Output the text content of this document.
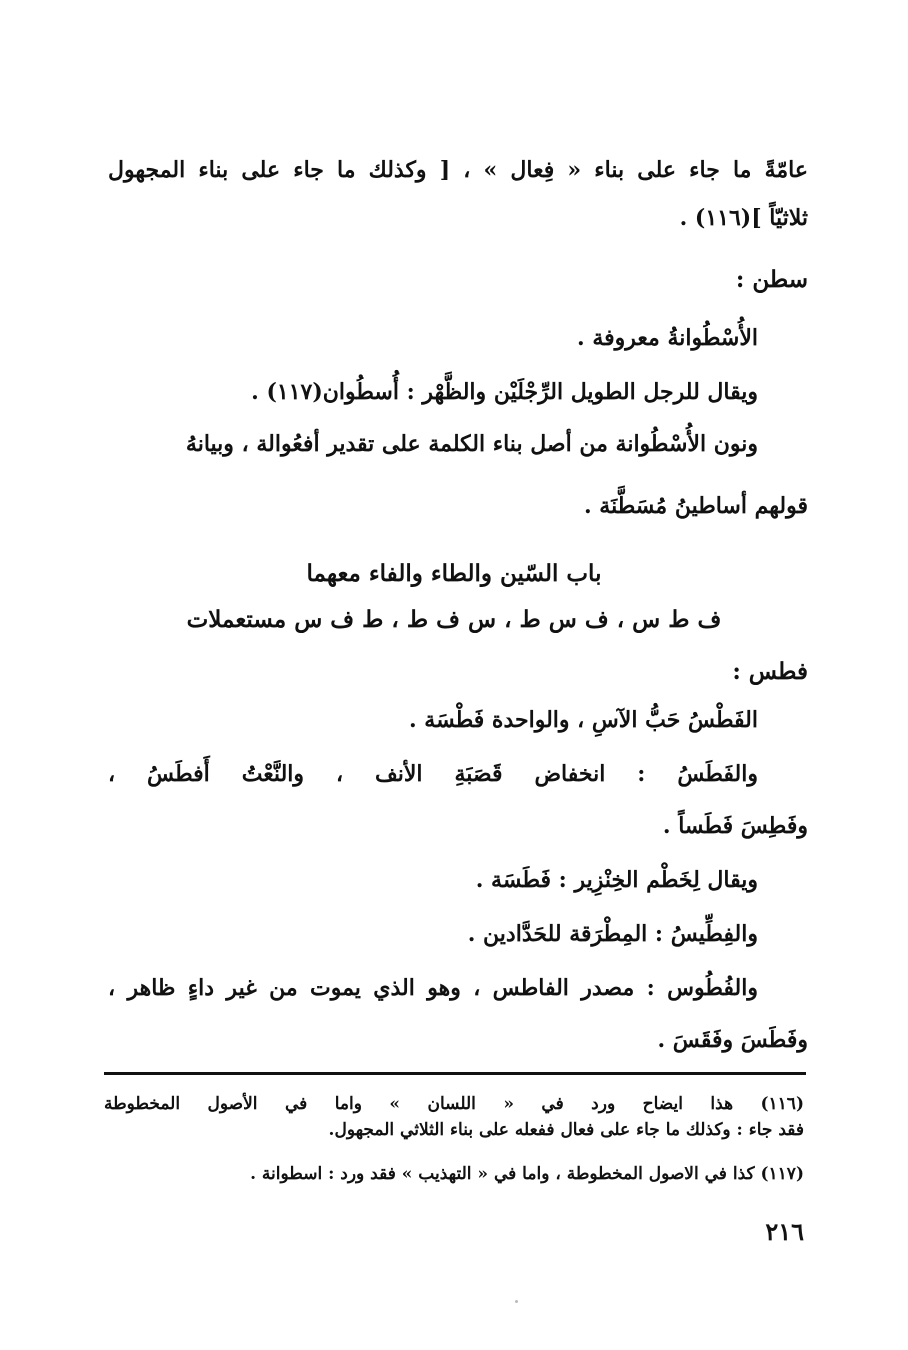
عامّةً ما جاء على بناء « فِعال » ، [ وكذلك ما جاء على بناء المجهول
ثلاثيّاً ](١١٦) .
سطن :
الأُسْطُوانةُ معروفة .
ويقال للرجل الطويل الرِّجْلَيْن والظَّهْر : أُسطُوان(١١٧) .
ونون الأُسْطُوانة من أصل بناء الكلمة على تقدير أفعُوالة ، وبيانهُ
قولهم أساطينُ مُسَطَّنَة .
باب السّين والطاء والفاء معهما
ف ط س ، ف س ط ، س ف ط ، ط ف س مستعملات
فطس :
الفَطْسُ حَبُّ الآسِ ، والواحدة فَطْسَة .
والفَطَسُ : انخفاض قَصَبَةِ الأنف ، والنَّعْتُ أَفطَسُ ،
وفَطِسَ فَطَساً .
ويقال لِخَطْم الخِنْزِير : فَطَسَة .
والفِطِّيسُ : المِطْرَقة للحَدَّادين .
والفُطُوس : مصدر الفاطس ، وهو الذي يموت من غير داءٍ ظاهر ،
وفَطَسَ وفَقَسَ .
(١١٦) هذا ايضاح ورد في « اللسان » واما في الأصول المخطوطة
فقد جاء : وكذلك ما جاء على فعال ففعله على بناء الثلاثي المجهول.
(١١٧) كذا في الاصول المخطوطة ، واما في « التهذيب » فقد ورد : اسطوانة .
٢١٦
